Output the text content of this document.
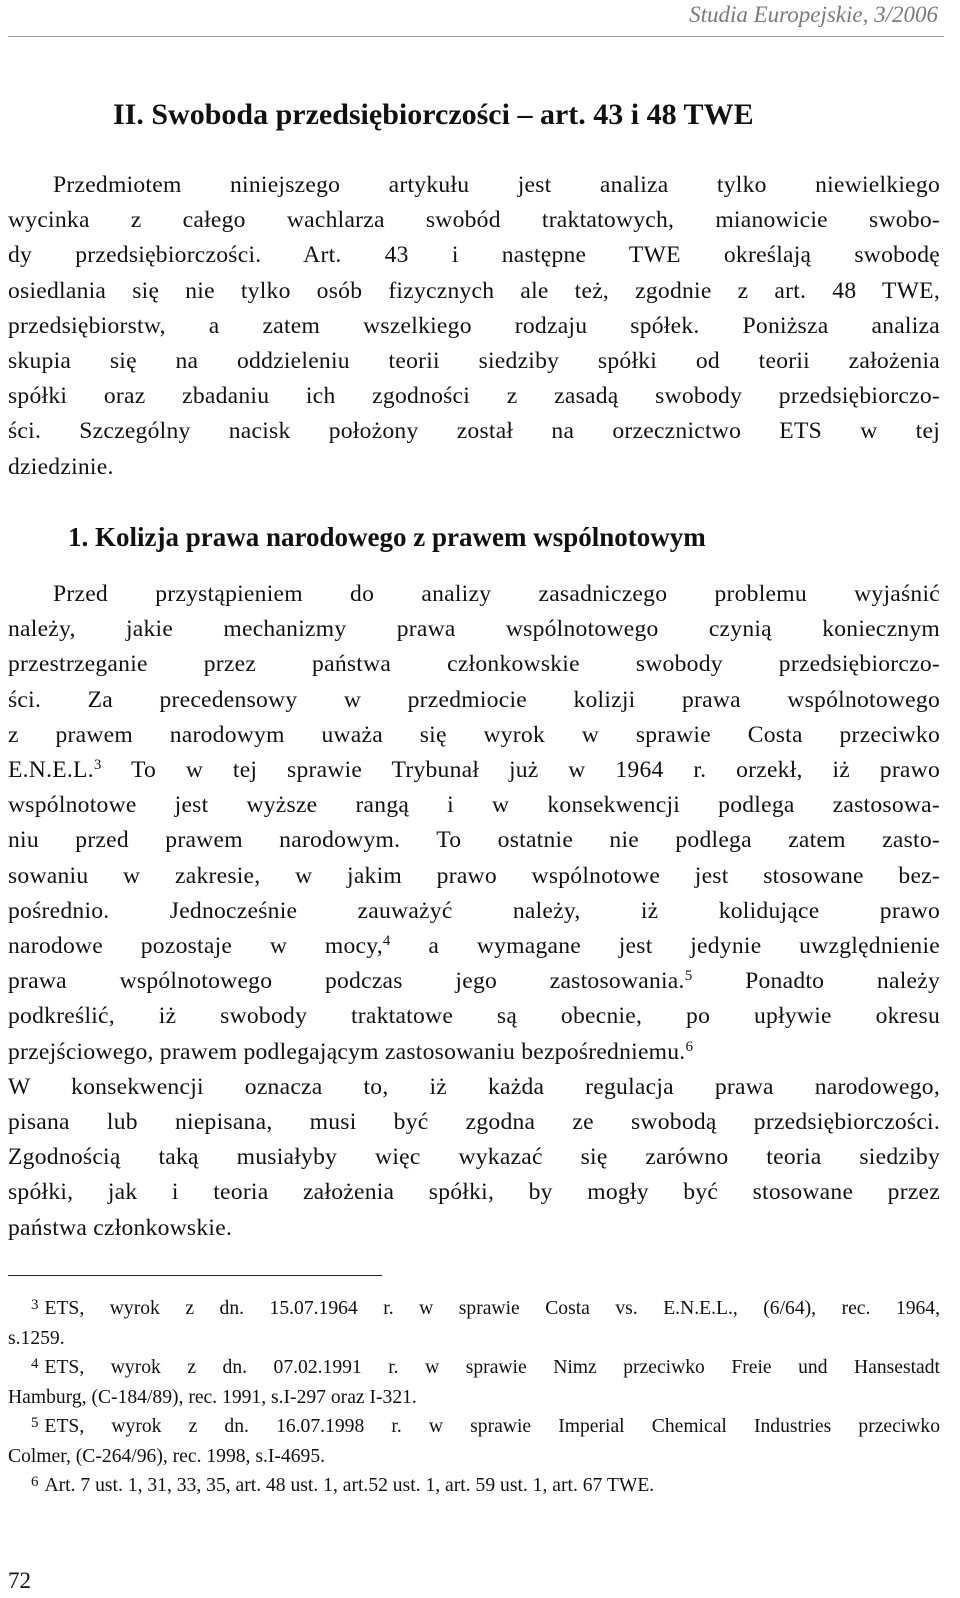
Studia Europejskie, 3/2006
II. Swoboda przedsiębiorczości – art. 43 i 48 TWE
Przedmiotem niniejszego artykułu jest analiza tylko niewielkiego
wycinka z całego wachlarza swobód traktatowych, mianowicie swobo-
dy przedsiębiorczości. Art. 43 i następne TWE określają swobodę
osiedlania się nie tylko osób fizycznych ale też, zgodnie z art. 48 TWE,
przedsiębiorstw, a zatem wszelkiego rodzaju spółek. Poniższa analiza
skupia się na oddzieleniu teorii siedziby spółki od teorii założenia
spółki oraz zbadaniu ich zgodności z zasadą swobody przedsiębiorczo-
ści. Szczególny nacisk położony został na orzecznictwo ETS w tej
dziedzinie.
1. Kolizja prawa narodowego z prawem wspólnotowym
Przed przystąpieniem do analizy zasadniczego problemu wyjaśnić
należy, jakie mechanizmy prawa wspólnotowego czynią koniecznym
przestrzeganie przez państwa członkowskie swobody przedsiębiorczo-
ści. Za precedensowy w przedmiocie kolizji prawa wspólnotowego
z prawem narodowym uważa się wyrok w sprawie Costa przeciwko
E.N.E.L.$^3$ To w tej sprawie Trybunał już w 1964 r. orzekł, iż prawo
wspólnotowe jest wyższe rangą i w konsekwencji podlega zastosowa-
niu przed prawem narodowym. To ostatnie nie podlega zatem zasto-
sowaniu w zakresie, w jakim prawo wspólnotowe jest stosowane bez-
pośrednio. Jednocześnie zauważyć należy, iż kolidujące prawo
narodowe pozostaje w mocy,$^4$ a wymagane jest jedynie uwzględnienie
prawa wspólnotowego podczas jego zastosowania.$^5$ Ponadto należy
podkreślić, iż swobody traktatowe są obecnie, po upływie okresu
przejściowego, prawem podlegającym zastosowaniu bezpośredniemu.$^6$
W konsekwencji oznacza to, iż każda regulacja prawa narodowego,
pisana lub niepisana, musi być zgodna ze swobodą przedsiębiorczości.
Zgodnością taką musiałyby więc wykazać się zarówno teoria siedziby
spółki, jak i teoria założenia spółki, by mogły być stosowane przez
państwa członkowskie.
$^3$ ETS, wyrok z dn. 15.07.1964 r. w sprawie Costa vs. E.N.E.L., (6/64), rec. 1964,
s.1259.
$^4$ ETS, wyrok z dn. 07.02.1991 r. w sprawie Nimz przeciwko Freie und Hansestadt
Hamburg, (C-184/89), rec. 1991, s.I-297 oraz I-321.
$^5$ ETS, wyrok z dn. 16.07.1998 r. w sprawie Imperial Chemical Industries przeciwko
Colmer, (C-264/96), rec. 1998, s.I-4695.
$^6$ Art. 7 ust. 1, 31, 33, 35, art. 48 ust. 1, art.52 ust. 1, art. 59 ust. 1, art. 67 TWE.
72
